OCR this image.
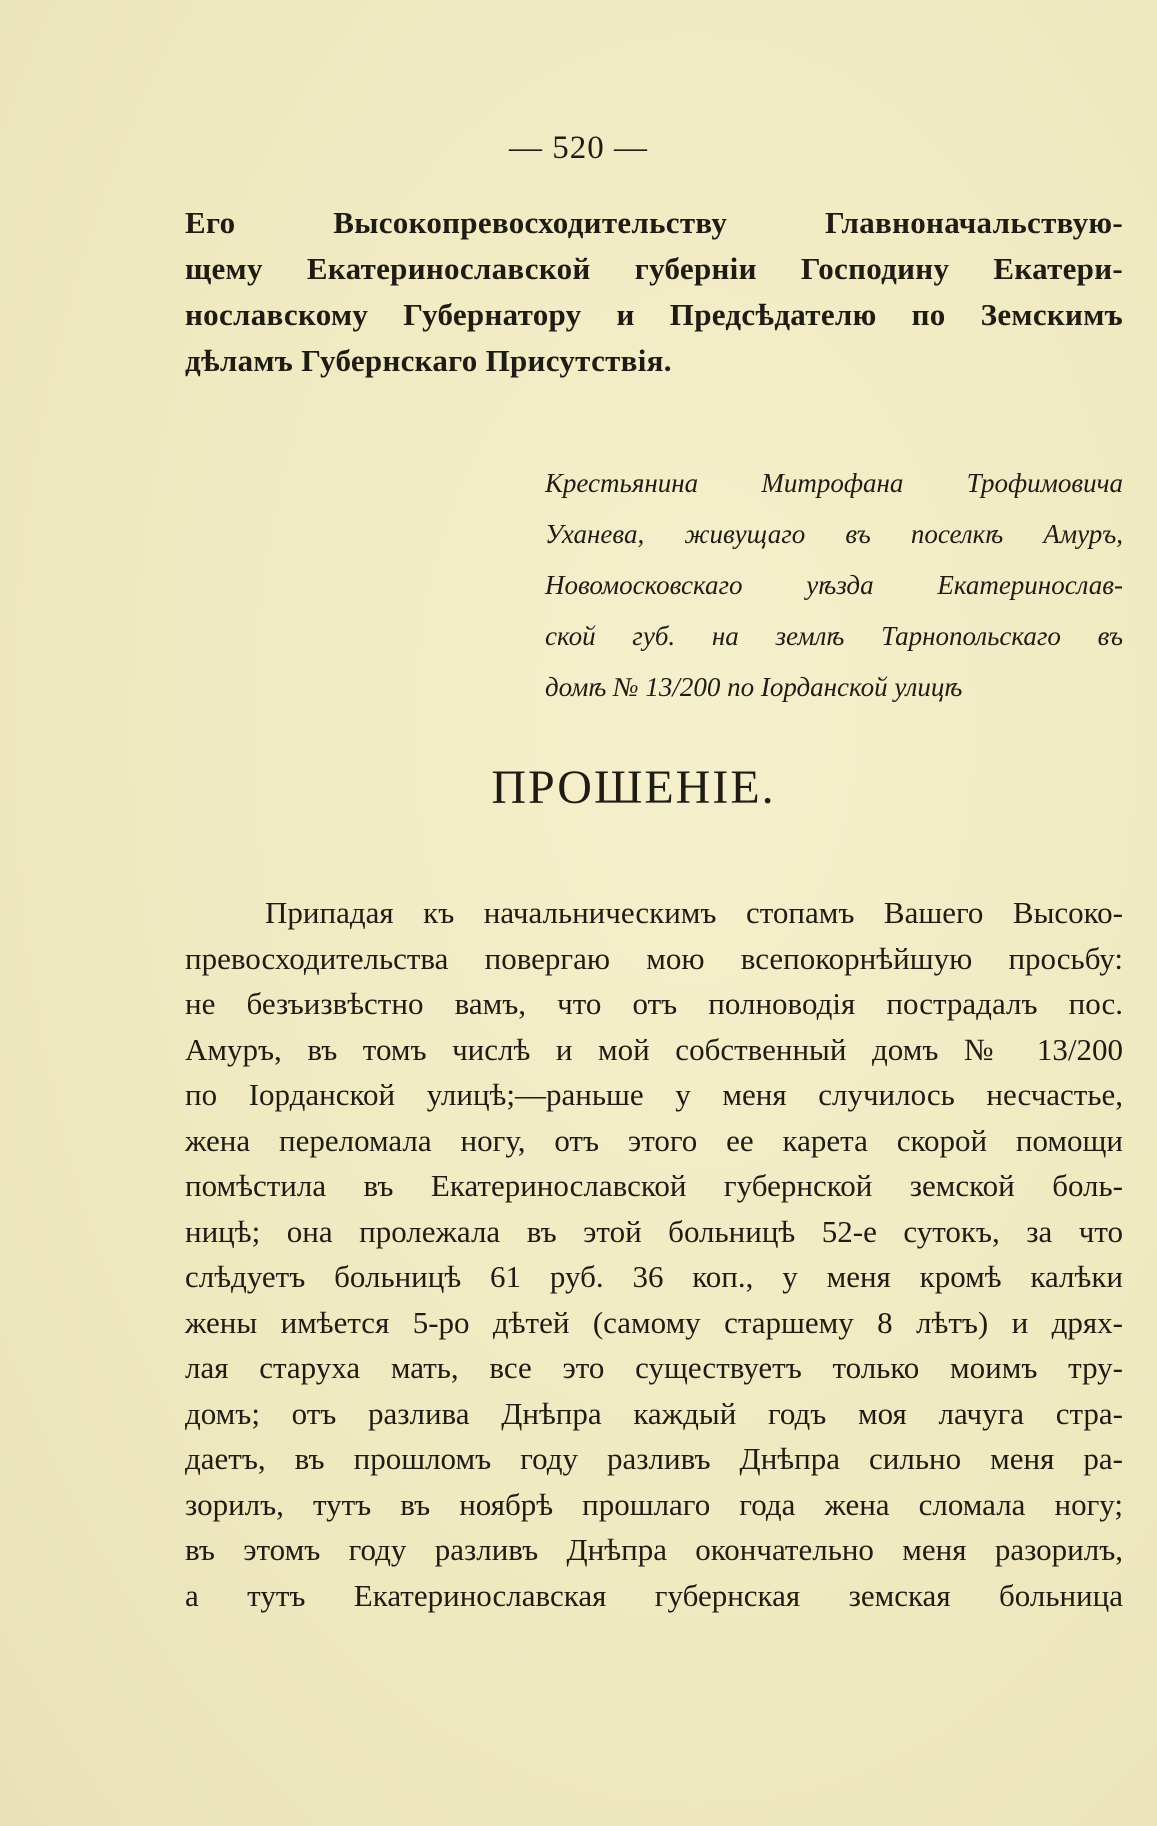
— 520 —
Его Высокопревосходительству Главноначальствую-
щему Екатеринославской губерніи Господину Екатери-
нославскому Губернатору и Предсѣдателю по Земскимъ
дѣламъ Губернскаго Присутствія.
Крестьянина Митрофана Трофимовича
Уханева, живущаго въ поселкѣ Амуръ,
Новомосковскаго уѣзда Екатеринослав-
ской губ. на землѣ Тарнопольскаго въ
домѣ № 13/200 по Іорданской улицѣ
ПРОШЕНІЕ.
Припадая къ начальническимъ стопамъ Вашего Высоко-
превосходительства повергаю мою всепокорнѣйшую просьбу:
не безъизвѣстно вамъ, что отъ полноводія пострадалъ пос.
Амуръ, въ томъ числѣ и мой собственный домъ № 13/200
по Іорданской улицѣ;—раньше у меня случилось несчастье,
жена переломала ногу, отъ этого ее карета скорой помощи
помѣстила въ Екатеринославской губернской земской боль-
ницѣ; она пролежала въ этой больницѣ 52-е сутокъ, за что
слѣдуетъ больницѣ 61 руб. 36 коп., у меня кромѣ калѣки
жены имѣется 5-ро дѣтей (самому старшему 8 лѣтъ) и дрях-
лая старуха мать, все это существуетъ только моимъ тру-
домъ; отъ разлива Днѣпра каждый годъ моя лачуга стра-
даетъ, въ прошломъ году разливъ Днѣпра сильно меня ра-
зорилъ, тутъ въ ноябрѣ прошлаго года жена сломала ногу;
въ этомъ году разливъ Днѣпра окончательно меня разорилъ,
а тутъ Екатеринославская губернская земская больница
